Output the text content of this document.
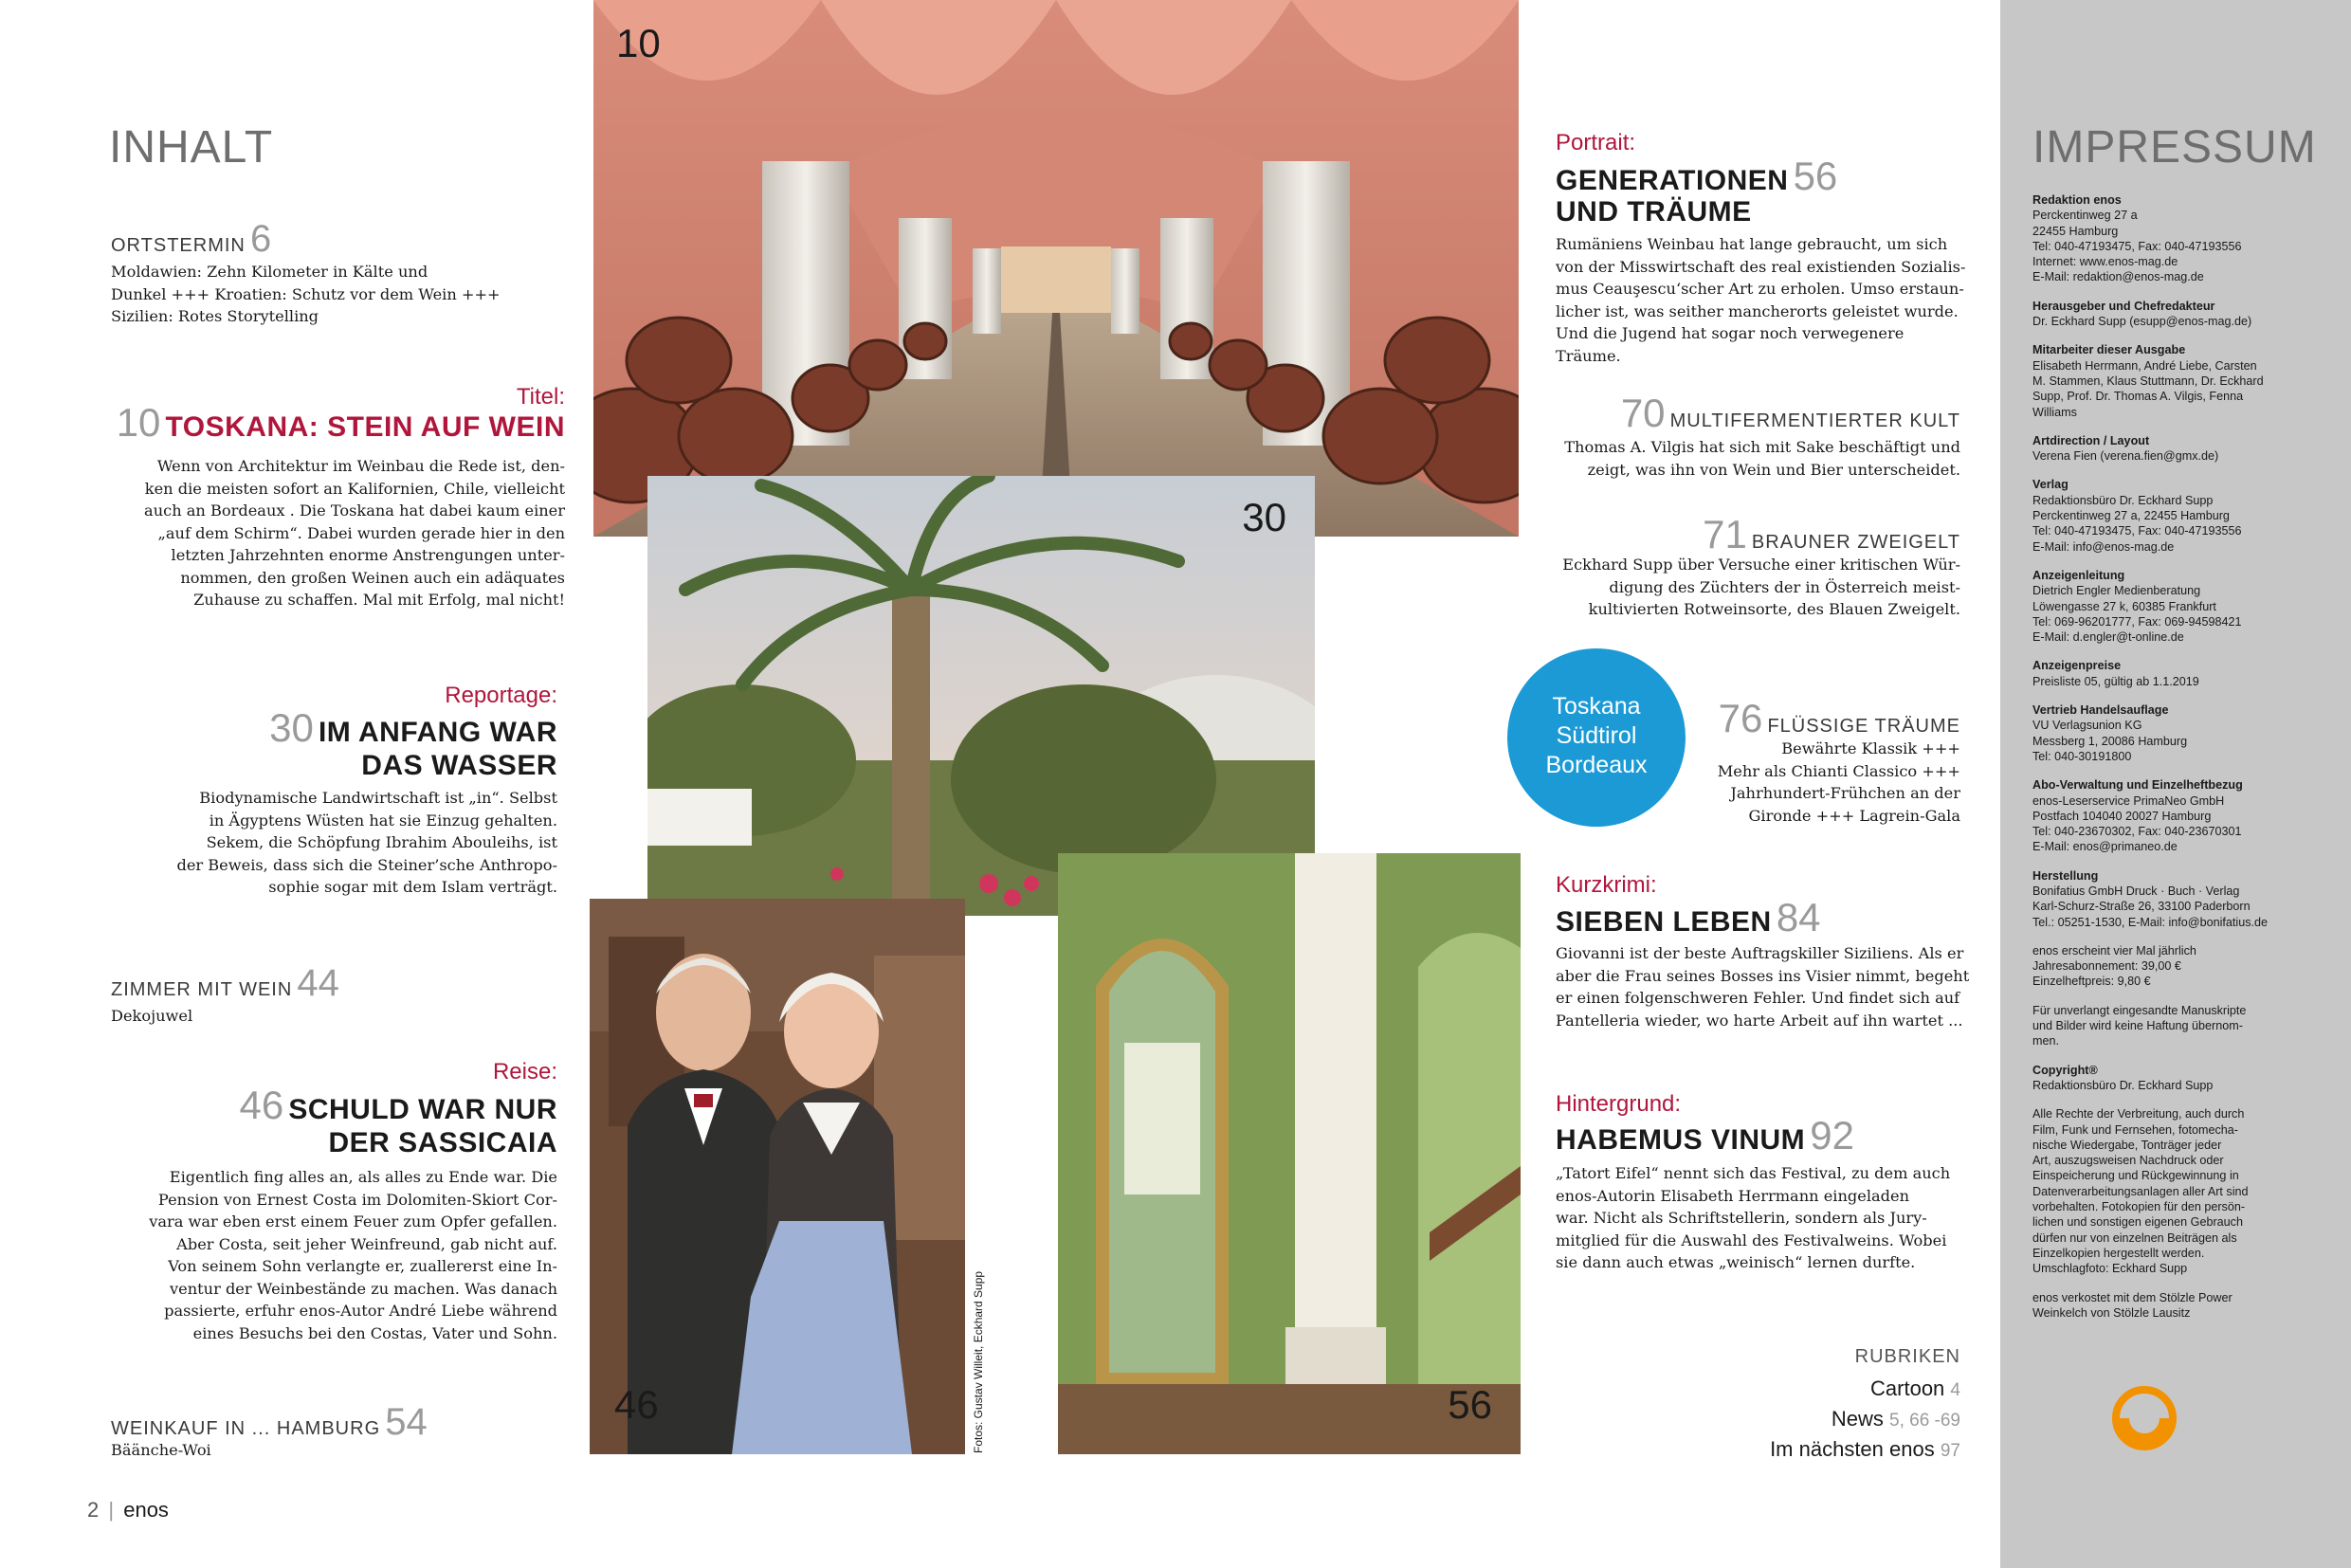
INHALT
ORTSTERMIN 6
Moldawien: Zehn Kilometer in Kälte und
Dunkel +++ Kroatien: Schutz vor dem Wein +++
Sizilien: Rotes Storytelling
Titel:
10 TOSKANA: STEIN AUF WEIN
Wenn von Architektur im Weinbau die Rede ist, den-
ken die meisten sofort an Kalifornien, Chile, vielleicht
auch an Bordeaux . Die Toskana hat dabei kaum einer
„auf dem Schirm“. Dabei wurden gerade hier in den
letzten Jahrzehnten enorme Anstrengungen unter-
nommen, den großen Weinen auch ein adäquates
Zuhause zu schaffen. Mal mit Erfolg, mal nicht!
Reportage:
30 IM ANFANG WAR
DAS WASSER
Biodynamische Landwirtschaft ist „in“. Selbst
in Ägyptens Wüsten hat sie Einzug gehalten.
Sekem, die Schöpfung Ibrahim Abouleihs, ist
der Beweis, dass sich die Steiner’sche Anthropo-
sophie sogar mit dem Islam verträgt.
ZIMMER MIT WEIN 44
Dekojuwel
Reise:
46 SCHULD WAR NUR
DER SASSICAIA
Eigentlich fing alles an, als alles zu Ende war. Die
Pension von Ernest Costa im Dolomiten-Skiort Cor-
vara war eben erst einem Feuer zum Opfer gefallen.
Aber Costa, seit jeher Weinfreund, gab nicht auf.
Von seinem Sohn verlangte er, zuallererst eine In-
ventur der Weinbestände zu machen. Was danach
passierte, erfuhr enos-Autor André Liebe während
eines Besuchs bei den Costas, Vater und Sohn.
WEINKAUF IN ... HAMBURG 54
Bäänche-Woi
2 | enos
10
30
46	Fotos: Gustav Willeit, Eckhard Supp	56
Portrait:
GENERATIONEN 56
UND TRÄUME
Rumäniens Weinbau hat lange gebraucht, um sich
von der Misswirtschaft des real existienden Sozialis-
mus Ceauşescu‘scher Art zu erholen. Umso erstaun-
licher ist, was seither mancherorts geleistet wurde.
Und die Jugend hat sogar noch verwegenere Träume.
70 MULTIFERMENTIERTER KULT
Thomas A. Vilgis hat sich mit Sake beschäftigt und
zeigt, was ihn von Wein und Bier unterscheidet.
71 BRAUNER ZWEIGELT
Eckhard Supp über Versuche einer kritischen Wür-
digung des Züchters der in Österreich meist-
kultivierten Rotweinsorte, des Blauen Zweigelt.
Toskana
Südtirol
Bordeaux
76 FLÜSSIGE TRÄUME
Bewährte Klassik +++
Mehr als Chianti Classico +++
Jahrhundert-Frühchen an der
Gironde +++ Lagrein-Gala
Kurzkrimi:
SIEBEN LEBEN 84
Giovanni ist der beste Auftragskiller Siziliens. Als er
aber die Frau seines Bosses ins Visier nimmt, begeht
er einen folgenschweren Fehler. Und findet sich auf
Pantelleria wieder, wo harte Arbeit auf ihn wartet ...
Hintergrund:
HABEMUS VINUM 92
„Tatort Eifel“ nennt sich das Festival, zu dem auch
enos-Autorin Elisabeth Herrmann eingeladen
war. Nicht als Schriftstellerin, sondern als Jury-
mitglied für die Auswahl des Festivalweins. Wobei
sie dann auch etwas „weinisch“ lernen durfte.
RUBRIKEN
Cartoon 4
News 5, 66 -69
Im nächsten enos 97
IMPRESSUM
Redaktion enos
Perckentinweg 27 a
22455 Hamburg
Tel: 040-47193475, Fax: 040-47193556
Internet: www.enos-mag.de
E-Mail: redaktion@enos-mag.de
Herausgeber und Chefredakteur
Dr. Eckhard Supp (esupp@enos-mag.de)
Mitarbeiter dieser Ausgabe
Elisabeth Herrmann, André Liebe, Carsten
M. Stammen, Klaus Stuttmann, Dr. Eckhard
Supp, Prof. Dr. Thomas A. Vilgis, Fenna
Williams
Artdirection / Layout
Verena Fien (verena.fien@gmx.de)
Verlag
Redaktionsbüro Dr. Eckhard Supp
Perckentinweg 27 a, 22455 Hamburg
Tel: 040-47193475, Fax: 040-47193556
E-Mail: info@enos-mag.de
Anzeigenleitung
Dietrich Engler Medienberatung
Löwengasse 27 k, 60385 Frankfurt
Tel: 069-96201777, Fax: 069-94598421
E-Mail: d.engler@t-online.de
Anzeigenpreise
Preisliste 05, gültig ab 1.1.2019
Vertrieb Handelsauflage
VU Verlagsunion KG
Messberg 1, 20086 Hamburg
Tel: 040-30191800
Abo-Verwaltung und Einzelheftbezug
enos-Leserservice PrimaNeo GmbH
Postfach 104040 20027 Hamburg
Tel: 040-23670302, Fax: 040-23670301
E-Mail: enos@primaneo.de
Herstellung
Bonifatius GmbH Druck · Buch · Verlag
Karl-Schurz-Straße 26, 33100 Paderborn
Tel.: 05251-1530, E-Mail: info@bonifatius.de
enos erscheint vier Mal jährlich
Jahresabonnement: 39,00 €
Einzelheftpreis: 9,80 €
Für unverlangt eingesandte Manuskripte
und Bilder wird keine Haftung übernom-
men.
Copyright®
Redaktionsbüro Dr. Eckhard Supp
Alle Rechte der Verbreitung, auch durch
Film, Funk und Fernsehen, fotomecha-
nische Wiedergabe, Tonträger jeder
Art, auszugsweisen Nachdruck oder
Einspeicherung und Rückgewinnung in
Datenverarbeitungsanlagen aller Art sind
vorbehalten. Fotokopien für den persön-
lichen und sonstigen eigenen Gebrauch
dürfen nur von einzelnen Beiträgen als
Einzelkopien hergestellt werden.
Umschlagfoto: Eckhard Supp
enos verkostet mit dem Stölzle Power
Weinkelch von Stölzle Lausitz
